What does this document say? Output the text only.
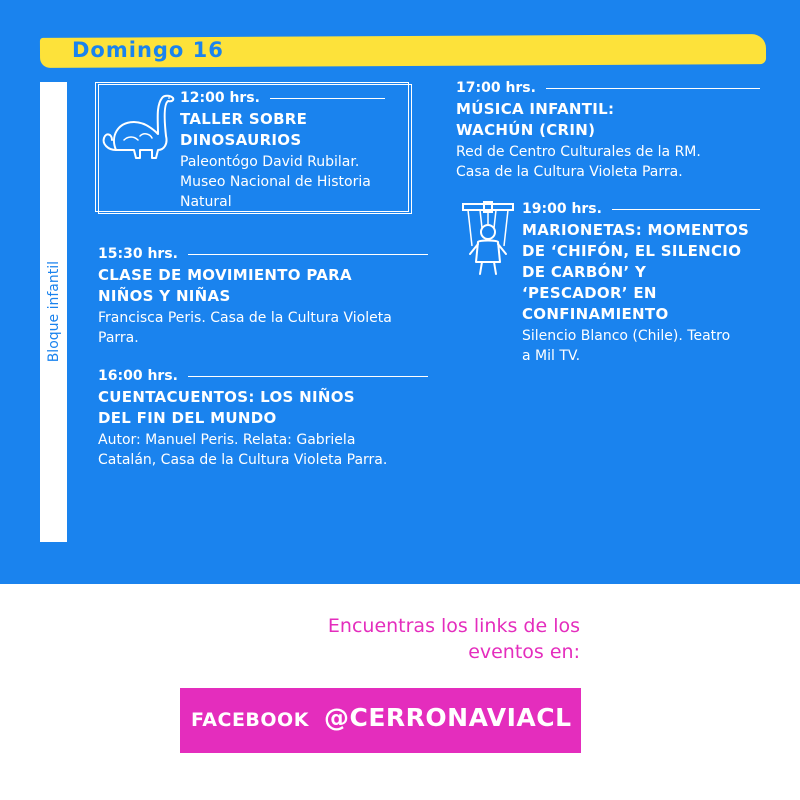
Domingo 16
Bloque infantil
12:00 hrs.
TALLER SOBRE
DINOSAURIOS
Paleontógo David Rubilar.
Museo Nacional de Historia
Natural
15:30 hrs.
CLASE DE MOVIMIENTO PARA
NIÑOS Y NIÑAS
Francisca Peris. Casa de la Cultura Violeta
Parra.
16:00 hrs.
CUENTACUENTOS: LOS NIÑOS
DEL FIN DEL MUNDO
Autor: Manuel Peris. Relata: Gabriela
Catalán, Casa de la Cultura Violeta Parra.
17:00 hrs.
MÚSICA INFANTIL:
WACHÚN (CRIN)
Red de Centro Culturales de la RM.
Casa de la Cultura Violeta Parra.
19:00 hrs.
MARIONETAS: MOMENTOS
DE ‘CHIFÓN, EL SILENCIO
DE CARBÓN’ Y
‘PESCADOR’ EN
CONFINAMIENTO
Silencio Blanco (Chile). Teatro
a Mil TV.
Encuentras los links de los
eventos en:
FACEBOOK @CERRONAVIACL
